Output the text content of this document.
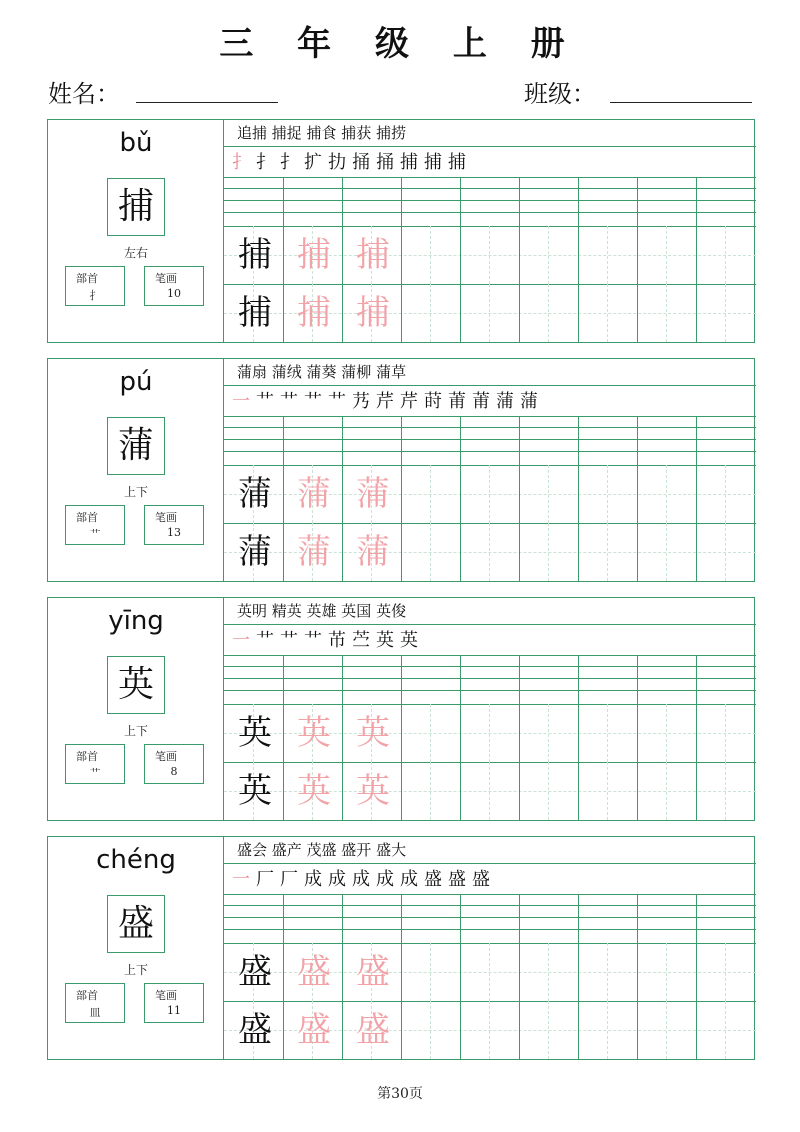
三 年 级 上 册
姓名：	班级：
bǔ
捕
左右
部首
扌
笔画
10
追捕 捕捉 捕食 捕获 捕捞
扌 扌 扌 扩 扐 捅 捅 捕 捕 捕
捕 捕 捕
捕 捕 捕
pú
蒲
上下
部首
艹
笔画
13
蒲扇 蒲绒 蒲葵 蒲柳 蒲草
一 艹 艹 艹 艹 艿 芹 芹 莳 莆 莆 蒲 蒲
蒲 蒲 蒲
蒲 蒲 蒲
yīng
英
上下
部首
艹
笔画
8
英明 精英 英雄 英国 英俊
一 艹 艹 艹 芇 苎 英 英
英 英 英
英 英 英
chéng
盛
上下
部首
皿
笔画
11
盛会 盛产 茂盛 盛开 盛大
一 厂 厂 成 成 成 成 成 盛 盛 盛
盛 盛 盛
盛 盛 盛
第30页
